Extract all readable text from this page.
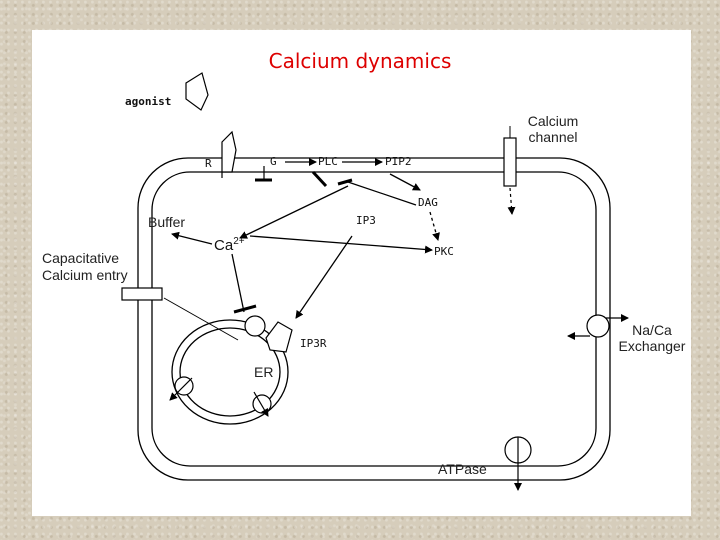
Calcium dynamics
agonist
Calcium channel
R	G	PLC	PIP2
DAG
IP3
Buffer
$Ca^{2+}$
PKC
Capacitative Calcium entry
IP3R
ER
Na/Ca Exchanger
ATPase
